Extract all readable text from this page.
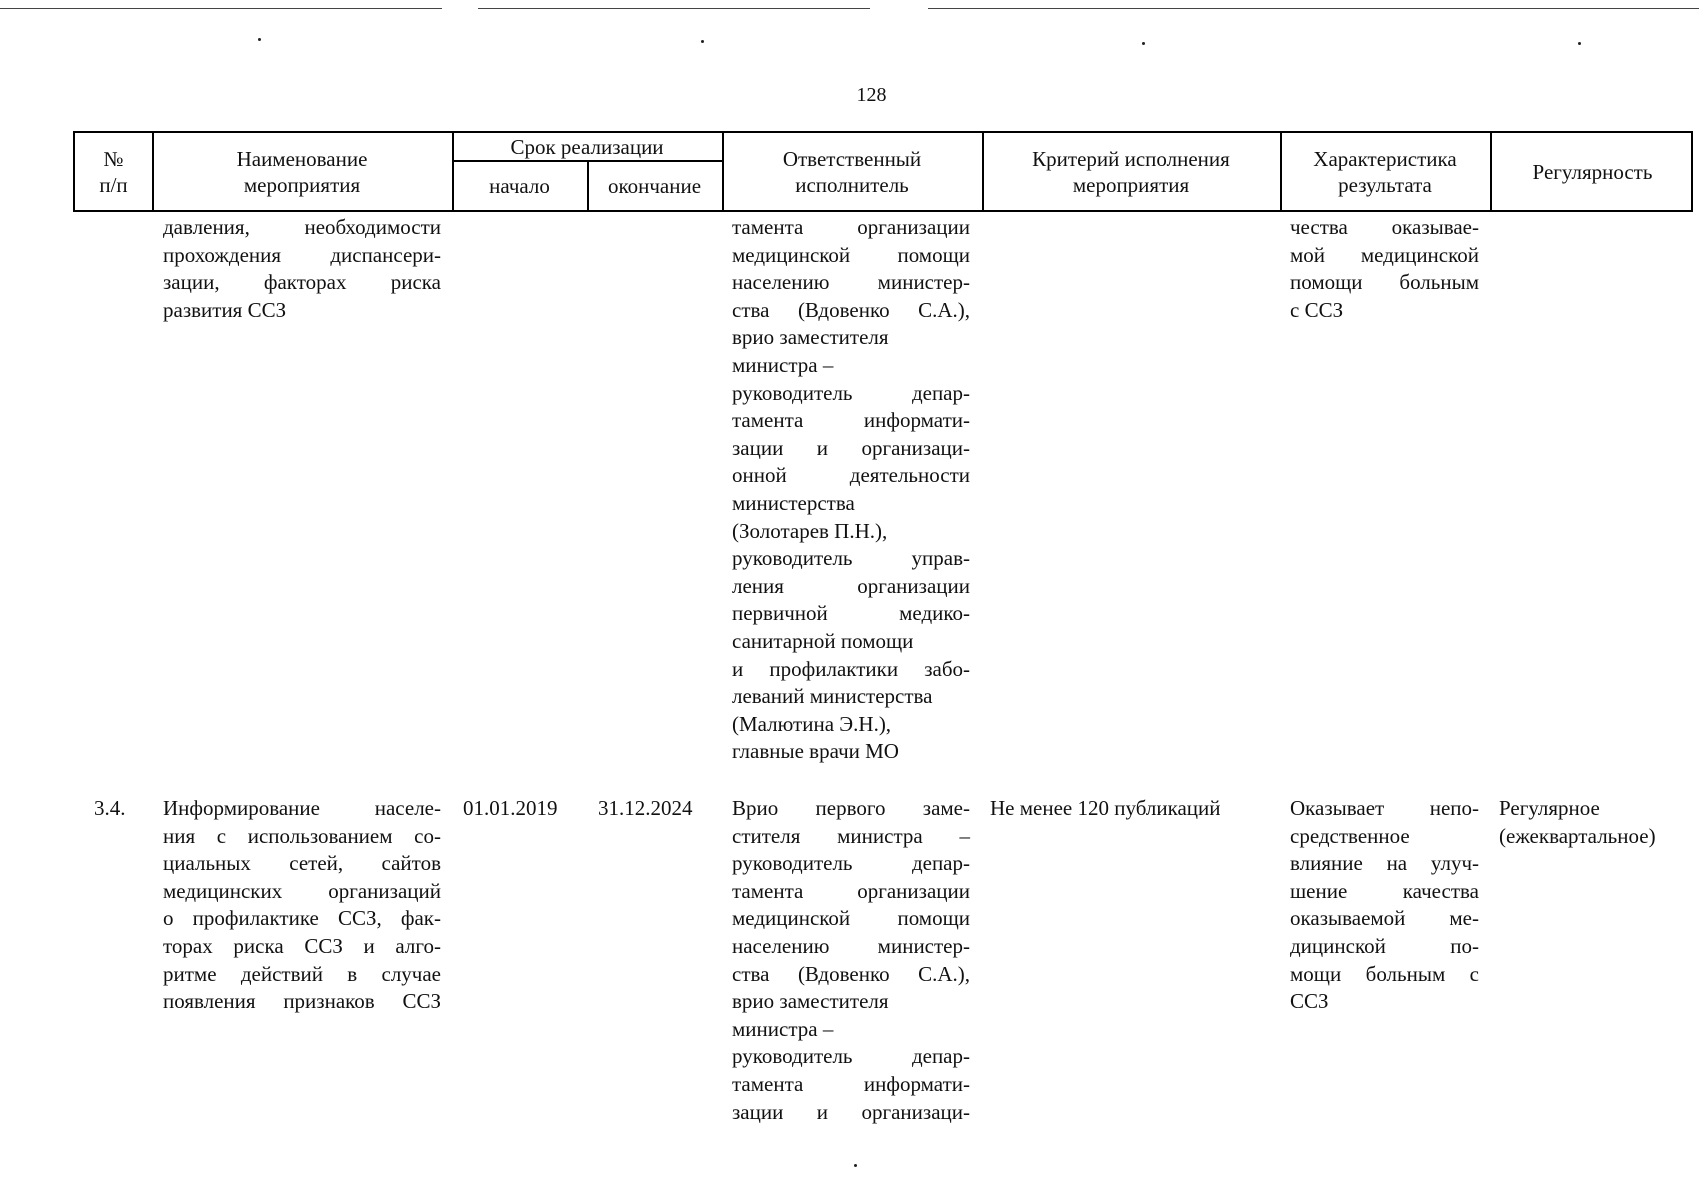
128
№
п/п
Наименование
мероприятия
Срок реализации
начало	окончание
Ответственный
исполнитель
Критерий исполнения
мероприятия
Характеристика
результата
Регулярность
давления, необходимости
прохождения диспансери-
зации, факторах риска
развития ССЗ
тамента организации
медицинской помощи
населению министер-
ства (Вдовенко С.А.),
врио заместителя
министра –
руководитель депар-
тамента информати-
зации и организаци-
онной деятельности
министерства
(Золотарев П.Н.),
руководитель управ-
ления организации
первичной медико-
санитарной помощи
и профилактики забо-
леваний министерства
(Малютина Э.Н.),
главные врачи МО
чества оказывае-
мой медицинской
помощи больным
с ССЗ
3.4. Информирование населе-
ния с использованием со-
циальных сетей, сайтов
медицинских организаций
о профилактике ССЗ, фак-
торах риска ССЗ и алго-
ритме действий в случае
появления признаков ССЗ
01.01.2019 31.12.2024 Врио первого заме-
стителя министра –
руководитель депар-
тамента организации
медицинской помощи
населению министер-
ства (Вдовенко С.А.),
врио заместителя
министра –
руководитель депар-
тамента информати-
зации и организаци-
Не менее 120 публикаций	Оказывает непо-
средственное
влияние на улуч-
шение качества
оказываемой ме-
дицинской по-
мощи больным с
ССЗ
Регулярное
(ежеквартальное)
